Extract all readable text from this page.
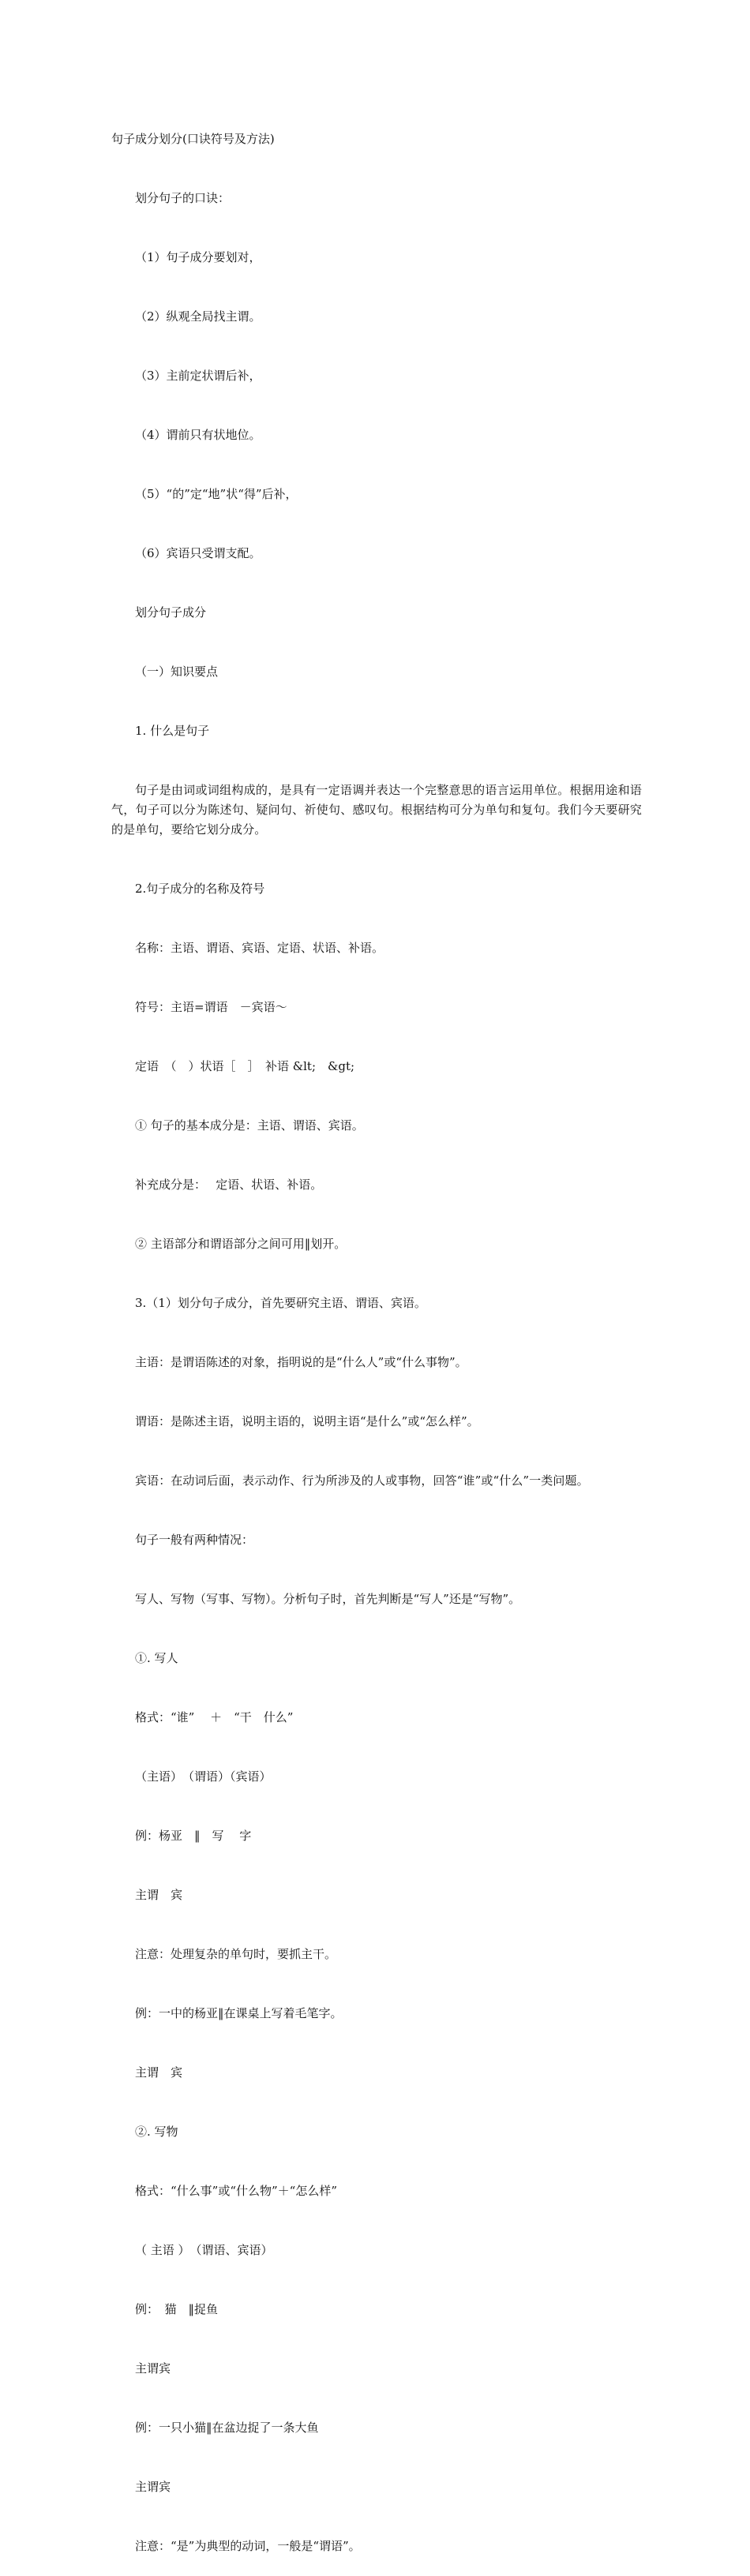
句子成分划分(口诀符号及方法)

划分句子的口诀：

（1）句子成分要划对，

（2）纵观全局找主谓。

（3）主前定状谓后补，

（4）谓前只有状地位。

（5）“的”定“地”状“得”后补，

（6）宾语只受谓支配。

划分句子成分

（一）知识要点

1. 什么是句子

句子是由词或词组构成的，是具有一定语调并表达一个完整意思的语言运用单位。根据用途和语气，句子可以分为陈述句、疑问句、祈使句、感叹句。根据结构可分为单句和复句。我们今天要研究的是单句，要给它划分成分。

2.句子成分的名称及符号

名称：主语、谓语、宾语、定语、状语、补语。

符号：主语=谓语　－宾语～

定语　（　）状语［　］　补语 &lt;　&gt;

① 句子的基本成分是：主语、谓语、宾语。

补充成分是：　 定语、状语、补语。

② 主语部分和谓语部分之间可用‖划开。

3.（1）划分句子成分，首先要研究主语、谓语、宾语。

主语：是谓语陈述的对象，指明说的是“什么人”或“什么事物”。

谓语：是陈述主语，说明主语的，说明主语“是什么”或“怎么样”。

宾语：在动词后面，表示动作、行为所涉及的人或事物，回答“谁”或“什么”一类问题。

句子一般有两种情况：

写人、写物（写事、写物）。分析句子时，首先判断是“写人”还是“写物”。

①. 写人

格式：“谁”　 ＋　“干　什么”

（主语）　（谓语）（宾语）

例：杨亚　‖　写　 字

主谓　宾

注意：处理复杂的单句时，要抓主干。

例：一中的杨亚‖在课桌上写着毛笔字。

主谓　宾

②. 写物

格式：“什么事”或“什么物”＋“怎么样”

（ 主语 ）　（谓语、宾语）

例：　猫　‖捉鱼

主谓宾

例：一只小猫‖在盆边捉了一条大鱼

主谓宾

注意：“是”为典型的动词，一般是“谓语”。
